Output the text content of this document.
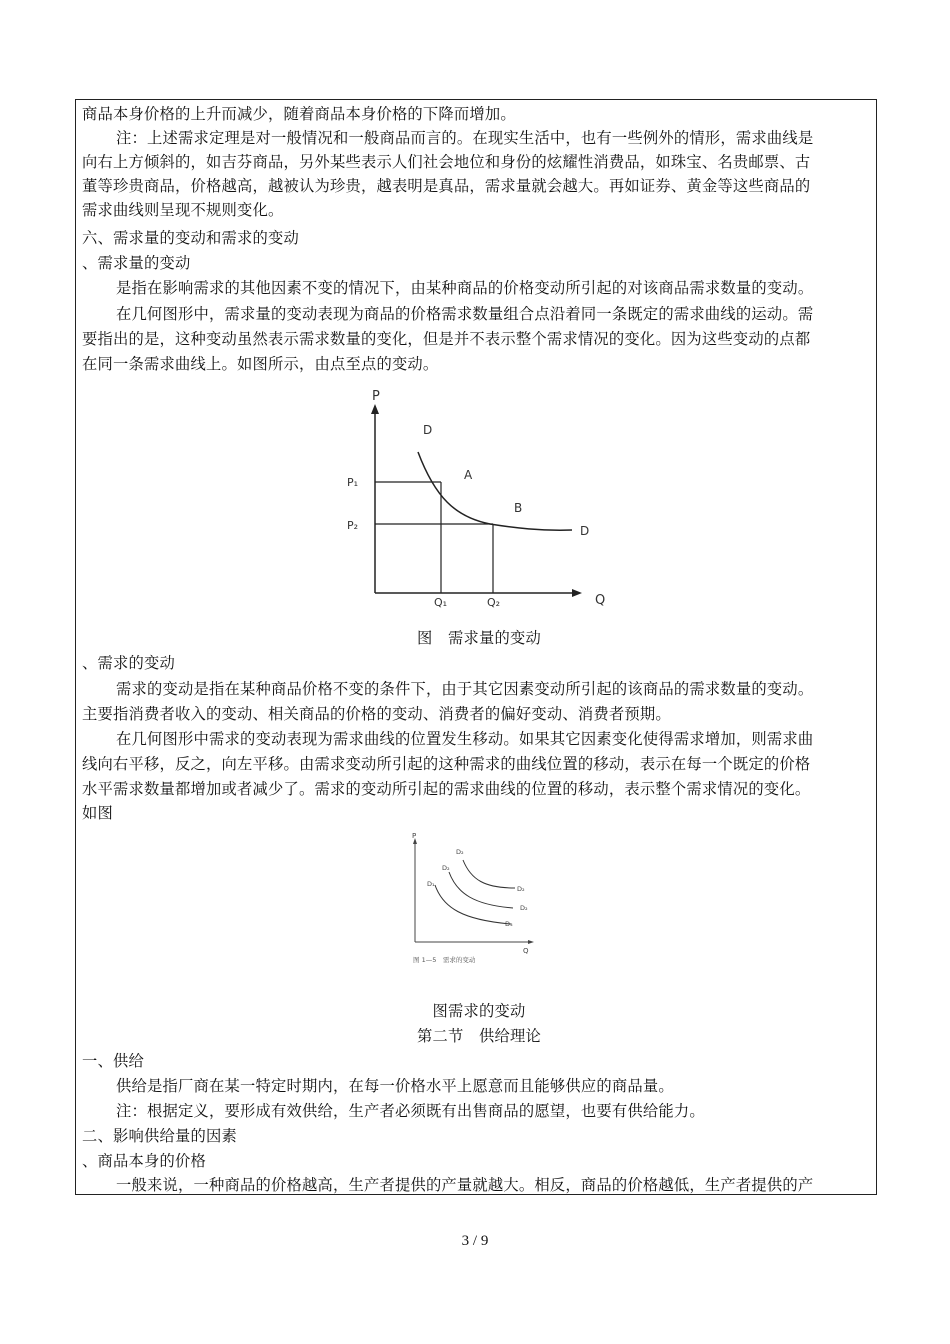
商品本身价格的上升而减少，随着商品本身价格的下降而增加。
注：上述需求定理是对一般情况和一般商品而言的。在现实生活中，也有一些例外的情形，需求曲线是
向右上方倾斜的，如吉芬商品，另外某些表示人们社会地位和身份的炫耀性消费品，如珠宝、名贵邮票、古
董等珍贵商品，价格越高，越被认为珍贵，越表明是真品，需求量就会越大。再如证券、黄金等这些商品的
需求曲线则呈现不规则变化。
六、需求量的变动和需求的变动
、需求量的变动
是指在影响需求的其他因素不变的情况下，由某种商品的价格变动所引起的对该商品需求数量的变动。
在几何图形中，需求量的变动表现为商品的价格需求数量组合点沿着同一条既定的需求曲线的运动。需
要指出的是，这种变动虽然表示需求数量的变化，但是并不表示整个需求情况的变化。因为这些变动的点都
在同一条需求曲线上。如图所示，由点至点的变动。
P
Q
D
D
A
B
P₁
P₂
Q₁	Q₂
图　需求量的变动
、需求的变动
需求的变动是指在某种商品价格不变的条件下，由于其它因素变动所引起的该商品的需求数量的变动。
主要指消费者收入的变动、相关商品的价格的变动、消费者的偏好变动、消费者预期。
在几何图形中需求的变动表现为需求曲线的位置发生移动。如果其它因素变化使得需求增加，则需求曲
线向右平移，反之，向左平移。由需求变动所引起的这种需求的曲线位置的移动，表示在每一个既定的价格
水平需求数量都增加或者减少了。需求的变动所引起的需求曲线的位置的移动，表示整个需求情况的变化。
如图
P
Q
D₂
D₂
D₁
D₂
D₂
D₃
图 1—5　需求的变动
图需求的变动
第二节　供给理论
一、供给
供给是指厂商在某一特定时期内，在每一价格水平上愿意而且能够供应的商品量。
注：根据定义，要形成有效供给，生产者必须既有出售商品的愿望，也要有供给能力。
二、影响供给量的因素
、商品本身的价格
一般来说，一种商品的价格越高，生产者提供的产量就越大。相反，商品的价格越低，生产者提供的产
3 / 9
